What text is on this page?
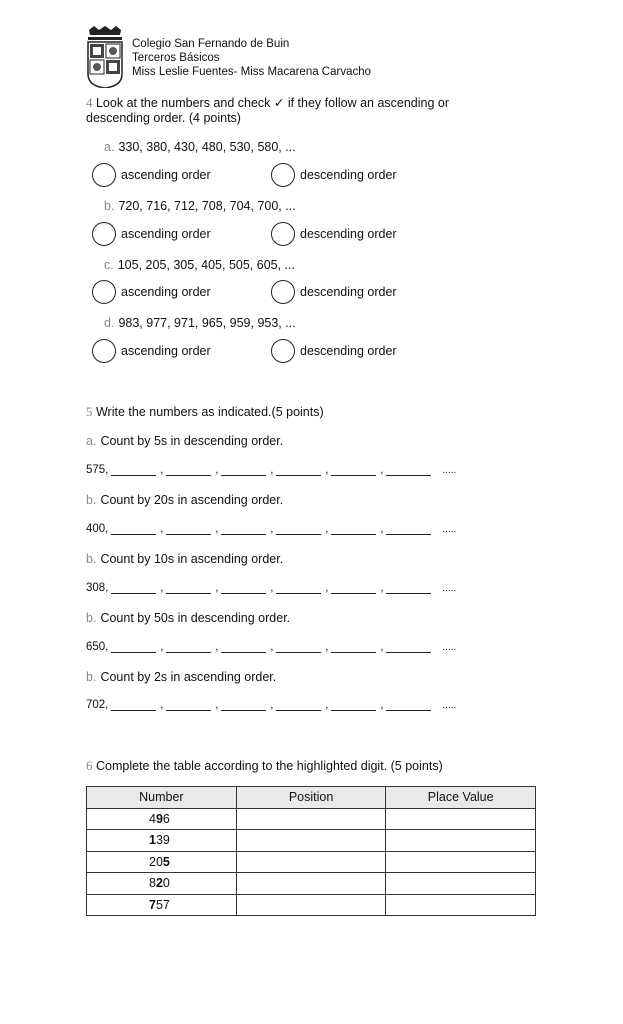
Colegio San Fernando de Buin
Terceros Básicos
Miss Leslie Fuentes- Miss Macarena Carvacho
4 Look at the numbers and check ✓ if they follow an ascending or descending order. (4 points)
a. 330, 380, 430, 480, 530, 580, ...
ascending order	descending order
b. 720, 716, 712, 708, 704, 700, ...
ascending order	descending order
c. 105, 205, 305, 405, 505, 605, ...
ascending order	descending order
d. 983, 977, 971, 965, 959, 953, ...
ascending order	descending order
5 Write the numbers as indicated.(5 points)
a. Count by 5s in descending order.
575,	,	,	,	,	,	.....
b. Count by 20s in ascending order.
400,	,	,	,	,	,	.....
b. Count by 10s in ascending order.
308,	,	,	,	,	,	.....
b. Count by 50s in descending order.
650,	,	,	,	,	,	.....
b. Count by 2s in ascending order.
702,	,	,	,	,	,	.....
6 Complete the table according to the highlighted digit. (5 points)
Number	Position	Place Value
496		
139		
205		
820		
757		
